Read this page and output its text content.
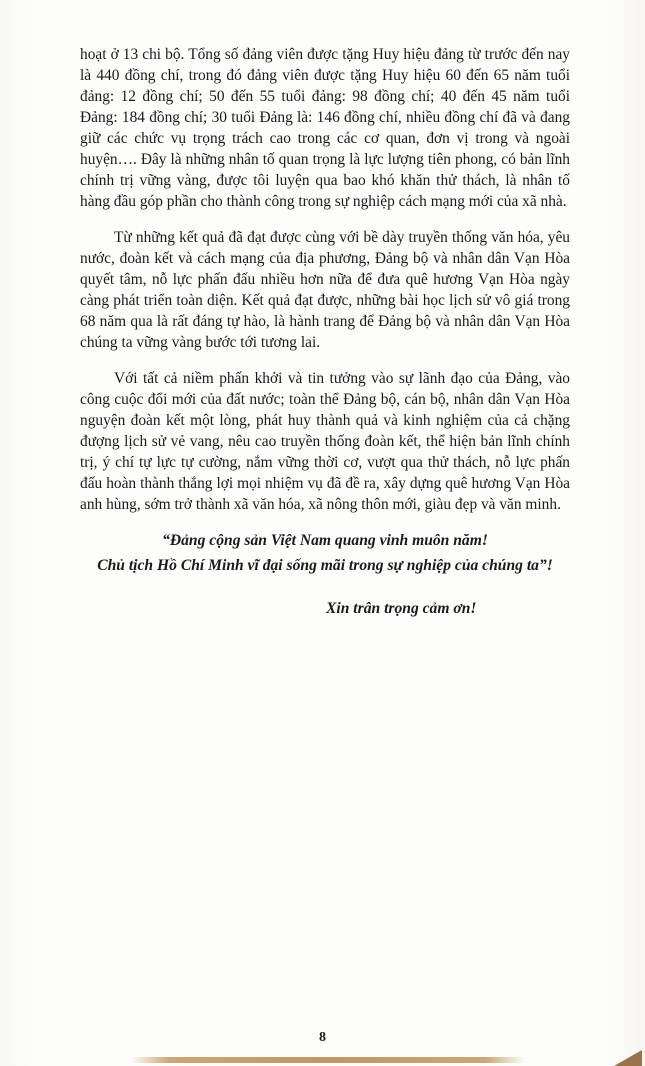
hoạt ở 13 chi bộ. Tổng số đảng viên được tặng Huy hiệu đảng từ trước đến nay là 440 đồng chí, trong đó đảng viên được tặng Huy hiệu 60 đến 65 năm tuổi đảng: 12 đồng chí; 50 đến 55 tuổi đảng: 98 đồng chí; 40 đến 45 năm tuổi Đảng: 184 đồng chí; 30 tuổi Đảng là: 146 đồng chí, nhiều đồng chí đã và đang giữ các chức vụ trọng trách cao trong các cơ quan, đơn vị trong và ngoài huyện…. Đây là những nhân tố quan trọng là lực lượng tiên phong, có bản lĩnh chính trị vững vàng, được tôi luyện qua bao khó khăn thử thách, là nhân tố hàng đầu góp phần cho thành công trong sự nghiệp cách mạng mới của xã nhà.

Từ những kết quả đã đạt được cùng với bề dày truyền thống văn hóa, yêu nước, đoàn kết và cách mạng của địa phương, Đảng bộ và nhân dân Vạn Hòa quyết tâm, nỗ lực phấn đấu nhiều hơn nữa để đưa quê hương Vạn Hòa ngày càng phát triển toàn diện. Kết quả đạt được, những bài học lịch sử vô giá trong 68 năm qua là rất đáng tự hào, là hành trang để Đảng bộ và nhân dân Vạn Hòa chúng ta vững vàng bước tới tương lai.

Với tất cả niềm phấn khởi và tin tưởng vào sự lãnh đạo của Đảng, vào công cuộc đổi mới của đất nước; toàn thể Đảng bộ, cán bộ, nhân dân Vạn Hòa nguyện đoàn kết một lòng, phát huy thành quả và kinh nghiệm của cả chặng đượng lịch sử vẻ vang, nêu cao truyền thống đoàn kết, thể hiện bản lĩnh chính trị, ý chí tự lực tự cường, nắm vững thời cơ, vượt qua thử thách, nỗ lực phấn đấu hoàn thành thắng lợi mọi nhiệm vụ đã đề ra, xây dựng quê hương Vạn Hòa anh hùng, sớm trở thành xã văn hóa, xã nông thôn mới, giàu đẹp và văn minh.

“Đảng cộng sản Việt Nam quang vinh muôn năm!
Chủ tịch Hồ Chí Minh vĩ đại sống mãi trong sự nghiệp của chúng ta”!
Xin trân trọng cảm ơn!
8
